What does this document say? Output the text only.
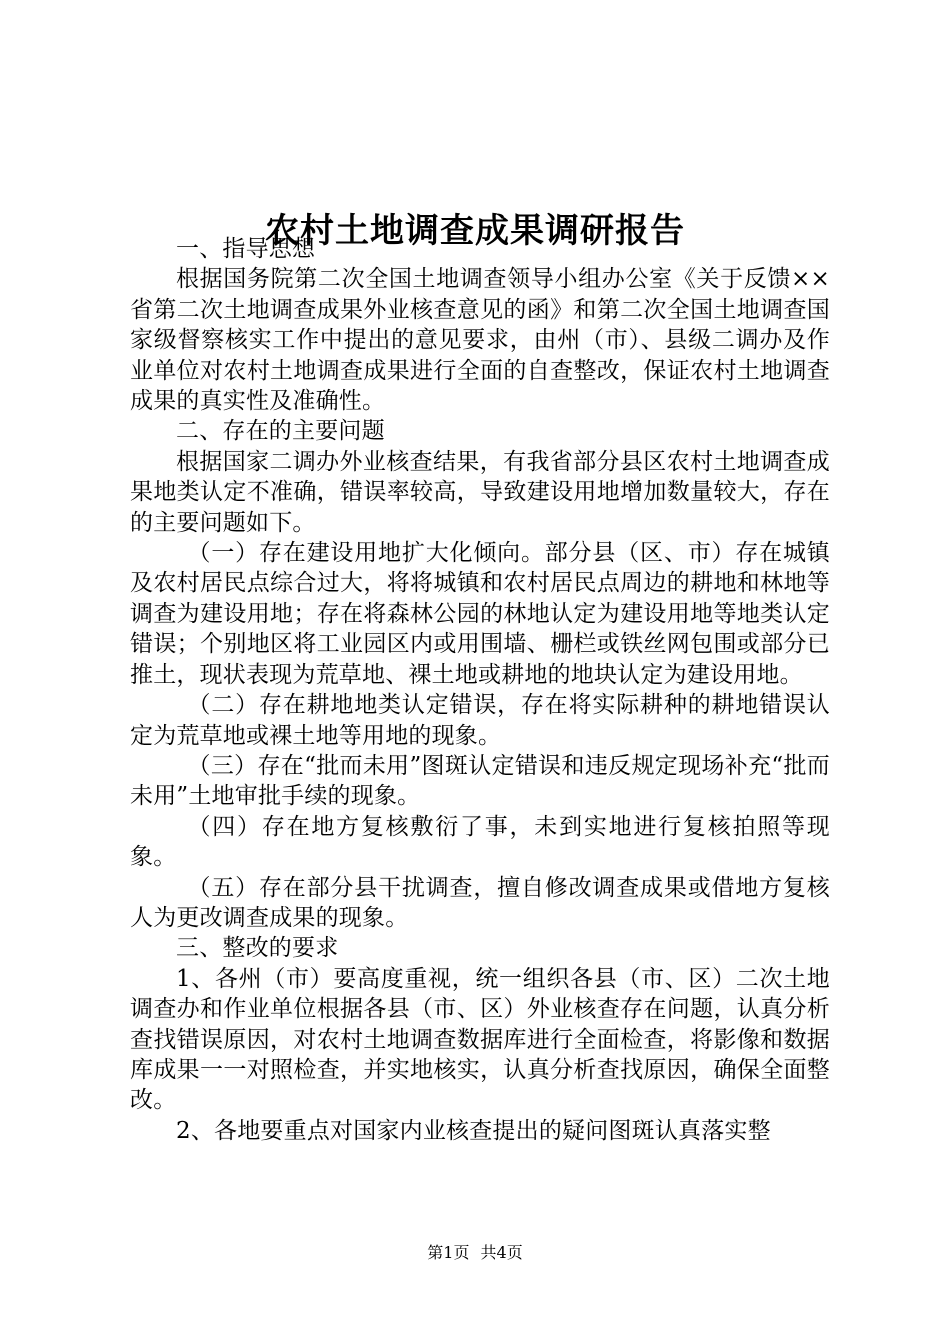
农村土地调查成果调研报告

一、指导思想

根据国务院第二次全国土地调查领导小组办公室《关于反馈××省第二次土地调查成果外业核查意见的函》和第二次全国土地调查国家级督察核实工作中提出的意见要求，由州（市）、县级二调办及作业单位对农村土地调查成果进行全面的自查整改，保证农村土地调查成果的真实性及准确性。

二、存在的主要问题

根据国家二调办外业核查结果，有我省部分县区农村土地调查成果地类认定不准确，错误率较高，导致建设用地增加数量较大，存在的主要问题如下。

（一）存在建设用地扩大化倾向。部分县（区、市）存在城镇及农村居民点综合过大，将将城镇和农村居民点周边的耕地和林地等调查为建设用地；存在将森林公园的林地认定为建设用地等地类认定错误；个别地区将工业园区内或用围墙、栅栏或铁丝网包围或部分已推土，现状表现为荒草地、裸土地或耕地的地块认定为建设用地。

（二）存在耕地地类认定错误，存在将实际耕种的耕地错误认定为荒草地或裸土地等用地的现象。

（三）存在“批而未用”图斑认定错误和违反规定现场补充“批而未用”土地审批手续的现象。

（四）存在地方复核敷衍了事，未到实地进行复核拍照等现象。

（五）存在部分县干扰调查，擅自修改调查成果或借地方复核人为更改调查成果的现象。

三、整改的要求

1、各州（市）要高度重视，统一组织各县（市、区）二次土地调查办和作业单位根据各县（市、区）外业核查存在问题，认真分析查找错误原因，对农村土地调查数据库进行全面检查，将影像和数据库成果一一对照检查，并实地核实，认真分析查找原因，确保全面整改。

2、各地要重点对国家内业核查提出的疑问图斑认真落实整

第1页 共4页
